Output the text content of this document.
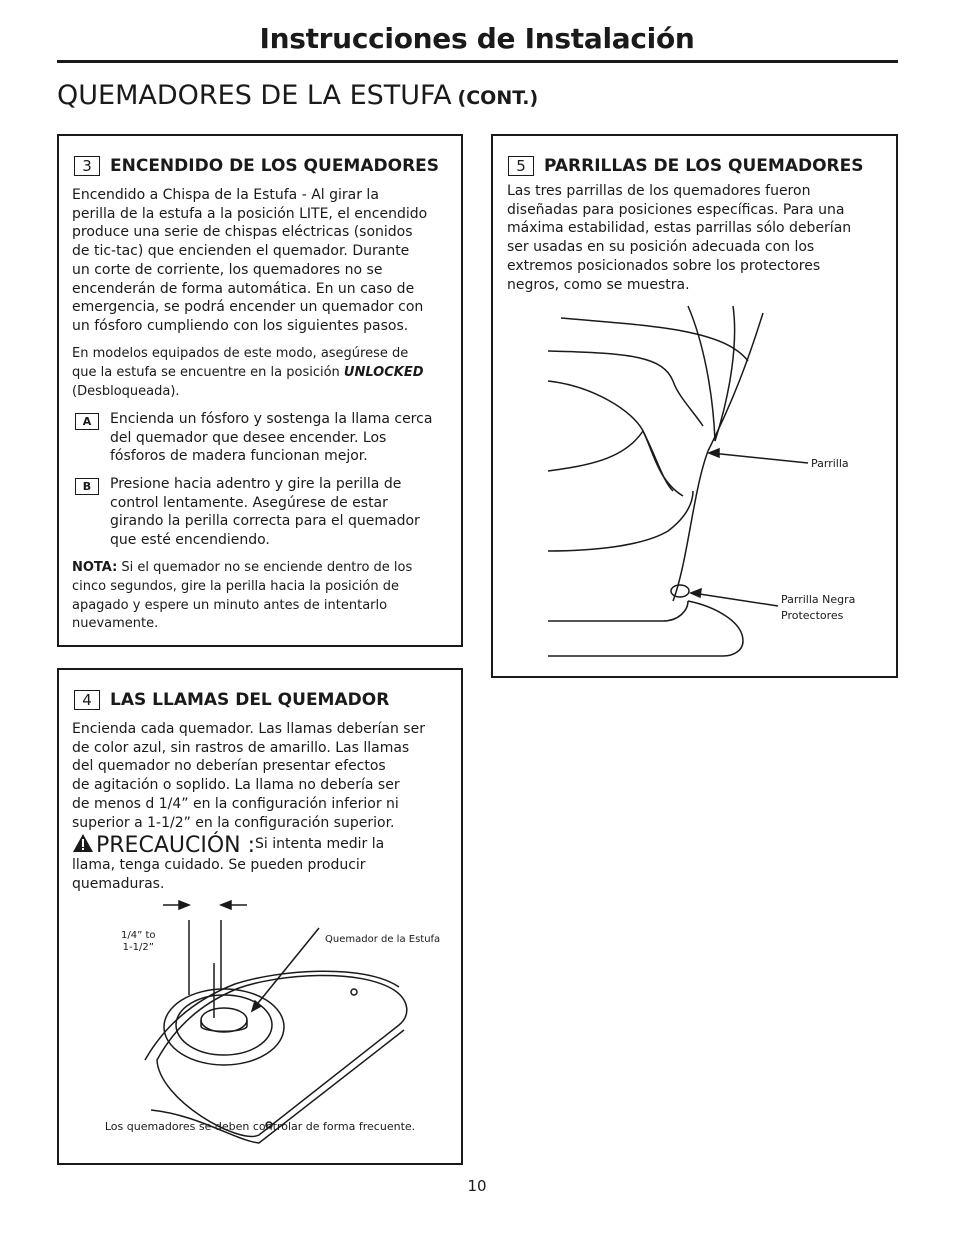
Instrucciones de Instalación
QUEMADORES DE LA ESTUFA (CONT.)
3	ENCENDIDO DE LOS QUEMADORES
Encendido a Chispa de la Estufa - Al girar la
perilla de la estufa a la posición LITE, el encendido
produce una serie de chispas eléctricas (sonidos
de tic-tac) que encienden el quemador. Durante
un corte de corriente, los quemadores no se
encenderán de forma automática. En un caso de
emergencia, se podrá encender un quemador con
un fósforo cumpliendo con los siguientes pasos.
En modelos equipados de este modo, asegúrese de
que la estufa se encuentre en la posición UNLOCKED
(Desbloqueada).
A	Encienda un fósforo y sostenga la llama cerca
del quemador que desee encender. Los
fósforos de madera funcionan mejor.
B	Presione hacia adentro y gire la perilla de
control lentamente. Asegúrese de estar
girando la perilla correcta para el quemador
que esté encendiendo.
NOTA: Si el quemador no se enciende dentro de los
cinco segundos, gire la perilla hacia la posición de
apagado y espere un minuto antes de intentarlo
nuevamente.
4	LAS LLAMAS DEL QUEMADOR
Encienda cada quemador. Las llamas deberían ser
de color azul, sin rastros de amarillo. Las llamas
del quemador no deberían presentar efectos
de agitación o soplido. La llama no debería ser
de menos d 1/4” en la configuración inferior ni
superior a 1-1/2” en la configuración superior.
PRECAUCIÓN : Si intenta medir la
llama, tenga cuidado. Se pueden producir
quemaduras.
1/4” to
1-1/2”
Quemador de la Estufa
Los quemadores se deben controlar de forma frecuente.
5	PARRILLAS DE LOS QUEMADORES
Las tres parrillas de los quemadores fueron
diseñadas para posiciones específicas. Para una
máxima estabilidad, estas parrillas sólo deberían
ser usadas en su posición adecuada con los
extremos posicionados sobre los protectores
negros, como se muestra.
Parrilla
Parrilla Negra
Protectores
10
